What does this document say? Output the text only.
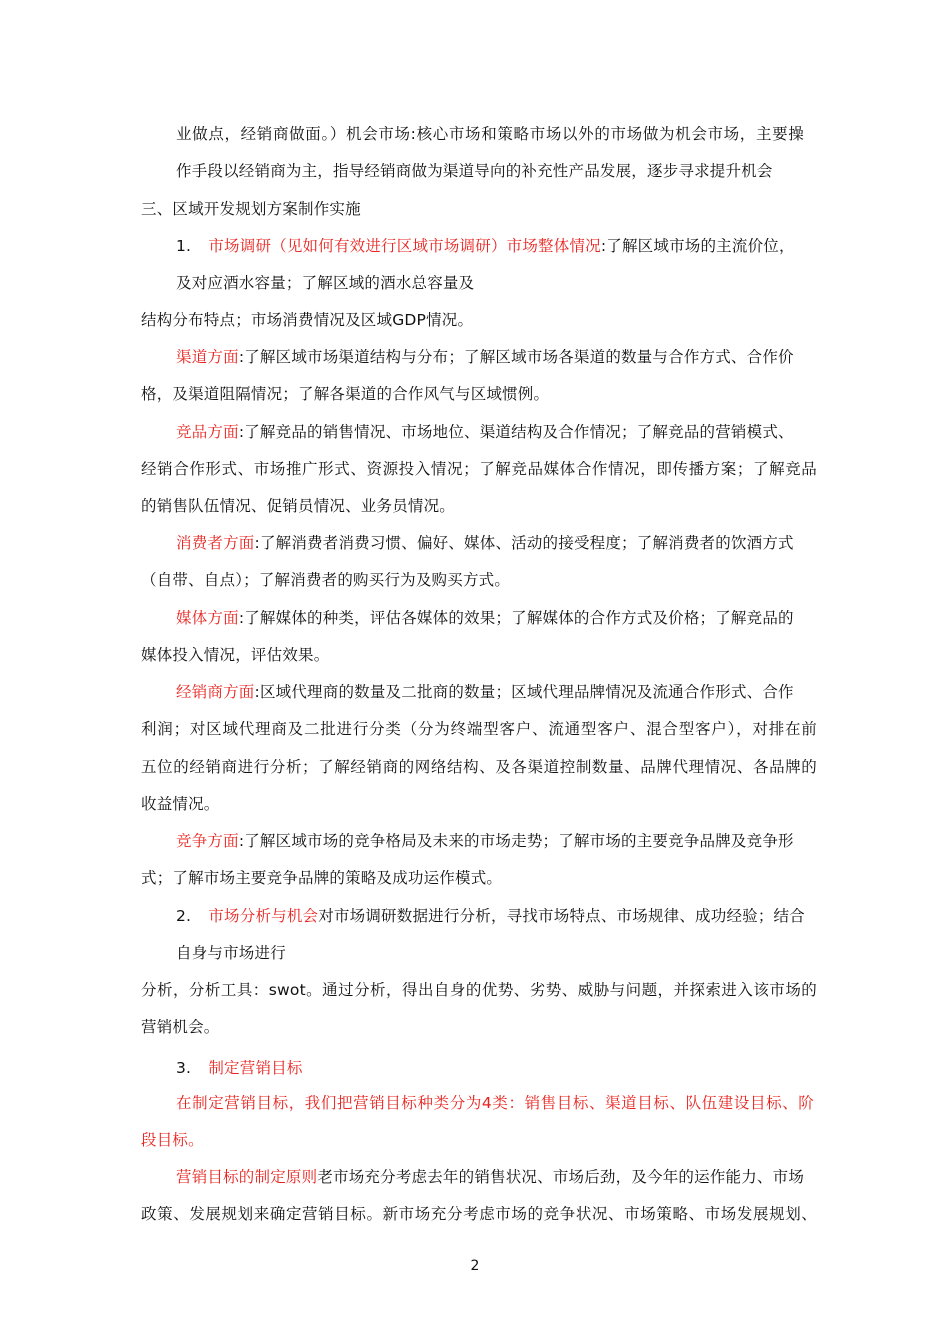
业做点，经销商做面。）机会市场:核心市场和策略市场以外的市场做为机会市场，主要操
作手段以经销商为主，指导经销商做为渠道导向的补充性产品发展，逐步寻求提升机会
三、区域开发规划方案制作实施
1. 市场调研（见如何有效进行区域市场调研）市场整体情况:了解区域市场的主流价位，
及对应酒水容量；了解区域的酒水总容量及
结构分布特点；市场消费情况及区域GDP情况。
渠道方面:了解区域市场渠道结构与分布；了解区域市场各渠道的数量与合作方式、合作价
格，及渠道阻隔情况；了解各渠道的合作风气与区域惯例。
竞品方面:了解竞品的销售情况、市场地位、渠道结构及合作情况；了解竞品的营销模式、
经销合作形式、市场推广形式、资源投入情况；了解竞品媒体合作情况，即传播方案；了解竞品
的销售队伍情况、促销员情况、业务员情况。
消费者方面:了解消费者消费习惯、偏好、媒体、活动的接受程度；了解消费者的饮酒方式
（自带、自点）；了解消费者的购买行为及购买方式。
媒体方面:了解媒体的种类，评估各媒体的效果；了解媒体的合作方式及价格；了解竞品的
媒体投入情况，评估效果。
经销商方面:区域代理商的数量及二批商的数量；区域代理品牌情况及流通合作形式、合作
利润；对区域代理商及二批进行分类（分为终端型客户、流通型客户、混合型客户），对排在前
五位的经销商进行分析；了解经销商的网络结构、及各渠道控制数量、品牌代理情况、各品牌的
收益情况。
竞争方面:了解区域市场的竞争格局及未来的市场走势；了解市场的主要竞争品牌及竞争形
式；了解市场主要竞争品牌的策略及成功运作模式。
2. 市场分析与机会对市场调研数据进行分析，寻找市场特点、市场规律、成功经验；结合
自身与市场进行
分析，分析工具：swot。通过分析，得出自身的优势、劣势、威胁与问题，并探索进入该市场的
营销机会。
3. 制定营销目标
在制定营销目标，我们把营销目标种类分为4类：销售目标、渠道目标、队伍建设目标、阶
段目标。
营销目标的制定原则老市场充分考虑去年的销售状况、市场后劲，及今年的运作能力、市场
政策、发展规划来确定营销目标。新市场充分考虑市场的竞争状况、市场策略、市场发展规划、
2
